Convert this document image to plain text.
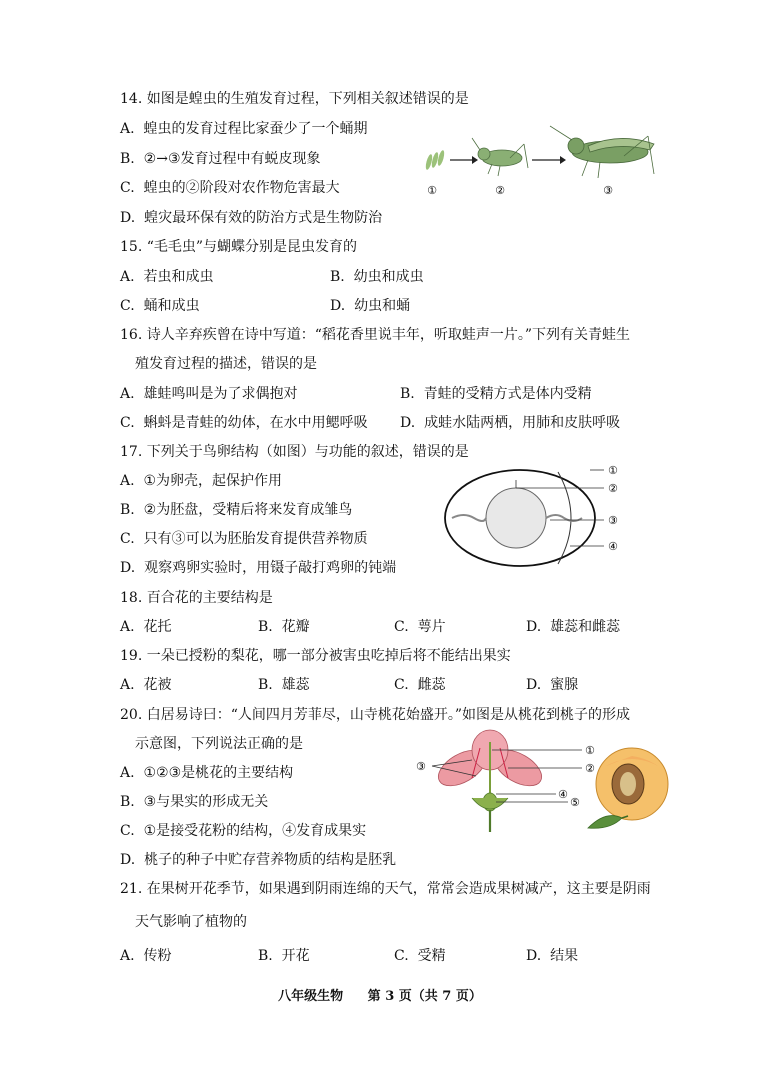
14. 如图是蝗虫的生殖发育过程，下列相关叙述错误的是
A. 蝗虫的发育过程比家蚕少了一个蛹期
B. ②→③发育过程中有蜕皮现象
C. 蝗虫的②阶段对农作物危害最大
D. 蝗灾最环保有效的防治方式是生物防治
①	②	③
15. “毛毛虫”与蝴蝶分别是昆虫发育的
A. 若虫和成虫	B. 幼虫和成虫
C. 蛹和成虫	D. 幼虫和蛹
16. 诗人辛弃疾曾在诗中写道：“稻花香里说丰年，听取蛙声一片。”下列有关青蛙生
殖发育过程的描述，错误的是
A. 雄蛙鸣叫是为了求偶抱对	B. 青蛙的受精方式是体内受精
C. 蝌蚪是青蛙的幼体，在水中用鳃呼吸 D. 成蛙水陆两栖，用肺和皮肤呼吸
17. 下列关于鸟卵结构（如图）与功能的叙述，错误的是
A. ①为卵壳，起保护作用
B. ②为胚盘，受精后将来发育成雏鸟
C. 只有③可以为胚胎发育提供营养物质
D. 观察鸡卵实验时，用镊子敲打鸡卵的钝端
①
②
③
④
18. 百合花的主要结构是
A. 花托	B. 花瓣	C. 萼片	D. 雄蕊和雌蕊
19. 一朵已授粉的梨花，哪一部分被害虫吃掉后将不能结出果实
A. 花被	B. 雄蕊	C. 雌蕊	D. 蜜腺
20. 白居易诗曰：“人间四月芳菲尽，山寺桃花始盛开。”如图是从桃花到桃子的形成
示意图，下列说法正确的是
A. ①②③是桃花的主要结构
B. ③与果实的形成无关
C. ①是接受花粉的结构，④发育成果实
D. 桃子的种子中贮存营养物质的结构是胚乳
①
②
③
④
⑤
21. 在果树开花季节，如果遇到阴雨连绵的天气，常常会造成果树减产，这主要是阴雨
天气影响了植物的
A. 传粉	B. 开花	C. 受精	D. 结果
八年级生物 第 3 页（共 7 页）
